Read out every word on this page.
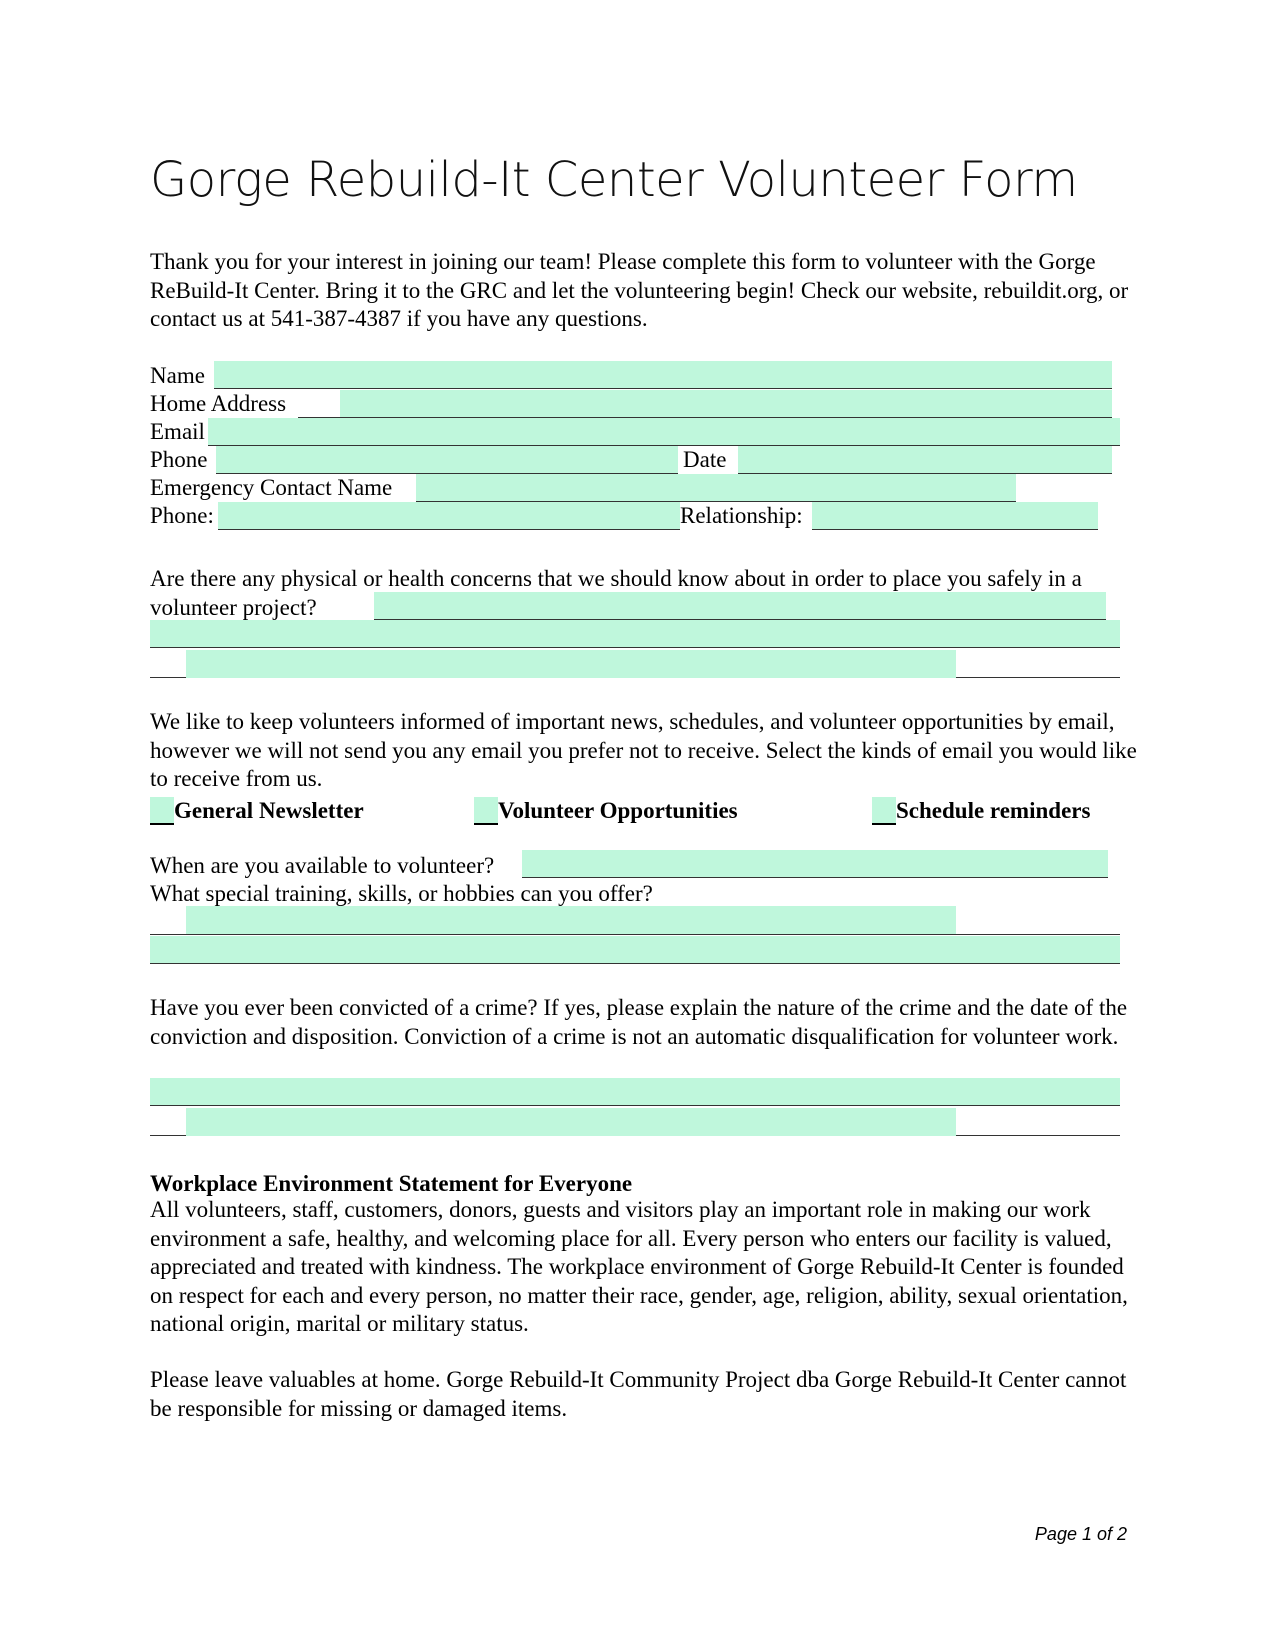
Gorge Rebuild-It Center Volunteer Form
Thank you for your interest in joining our team! Please complete this form to volunteer with the Gorge ReBuild-It Center. Bring it to the GRC and let the volunteering begin! Check our website, rebuildit.org, or contact us at 541-387-4387 if you have any questions.
Name
Home Address
Email
Phone	Date
Emergency Contact Name
Phone:	Relationship:
Are there any physical or health concerns that we should know about in order to place you safely in a volunteer project?
We like to keep volunteers informed of important news, schedules, and volunteer opportunities by email, however we will not send you any email you prefer not to receive. Select the kinds of email you would like to receive from us.
General Newsletter	Volunteer Opportunities	Schedule reminders
When are you available to volunteer?
What special training, skills, or hobbies can you offer?
Have you ever been convicted of a crime? If yes, please explain the nature of the crime and the date of the conviction and disposition. Conviction of a crime is not an automatic disqualification for volunteer work.
Workplace Environment Statement for Everyone
All volunteers, staff, customers, donors, guests and visitors play an important role in making our work environment a safe, healthy, and welcoming place for all. Every person who enters our facility is valued, appreciated and treated with kindness. The workplace environment of Gorge Rebuild-It Center is founded on respect for each and every person, no matter their race, gender, age, religion, ability, sexual orientation, national origin, marital or military status.
Please leave valuables at home. Gorge Rebuild-It Community Project dba Gorge Rebuild-It Center cannot be responsible for missing or damaged items.
Page 1 of 2
